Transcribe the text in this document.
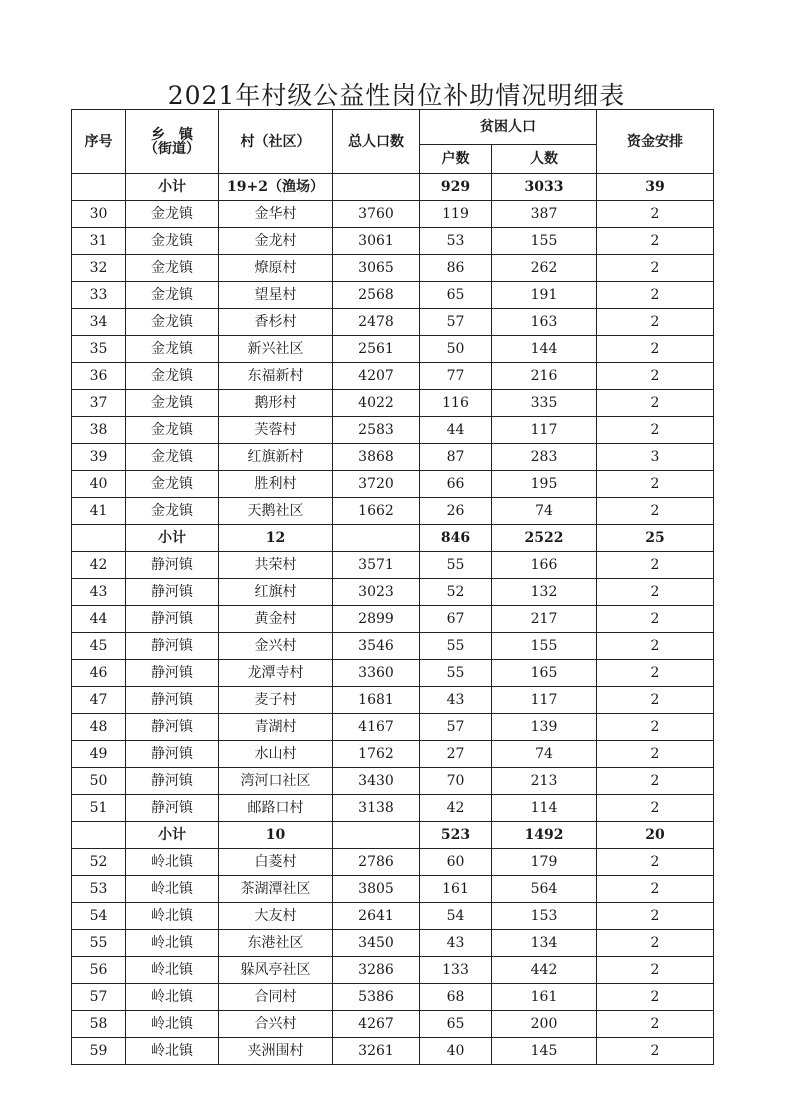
2021年村级公益性岗位补助情况明细表
序号	乡　镇
（街道）	村（社区）	总人口数	贫困人口		资金安排
				户数	人数	
	小计	19+2（渔场）		929	3033	39
30	金龙镇	金华村	3760	119	387	2
31	金龙镇	金龙村	3061	53	155	2
32	金龙镇	燎原村	3065	86	262	2
33	金龙镇	望星村	2568	65	191	2
34	金龙镇	香杉村	2478	57	163	2
35	金龙镇	新兴社区	2561	50	144	2
36	金龙镇	东福新村	4207	77	216	2
37	金龙镇	鹅形村	4022	116	335	2
38	金龙镇	芙蓉村	2583	44	117	2
39	金龙镇	红旗新村	3868	87	283	3
40	金龙镇	胜利村	3720	66	195	2
41	金龙镇	天鹅社区	1662	26	74	2
	小计	12		846	2522	25
42	静河镇	共荣村	3571	55	166	2
43	静河镇	红旗村	3023	52	132	2
44	静河镇	黄金村	2899	67	217	2
45	静河镇	金兴村	3546	55	155	2
46	静河镇	龙潭寺村	3360	55	165	2
47	静河镇	麦子村	1681	43	117	2
48	静河镇	青湖村	4167	57	139	2
49	静河镇	水山村	1762	27	74	2
50	静河镇	湾河口社区	3430	70	213	2
51	静河镇	邮路口村	3138	42	114	2
	小计	10		523	1492	20
52	岭北镇	白菱村	2786	60	179	2
53	岭北镇	茶湖潭社区	3805	161	564	2
54	岭北镇	大友村	2641	54	153	2
55	岭北镇	东港社区	3450	43	134	2
56	岭北镇	躲风亭社区	3286	133	442	2
57	岭北镇	合同村	5386	68	161	2
58	岭北镇	合兴村	4267	65	200	2
59	岭北镇	夹洲围村	3261	40	145	2
